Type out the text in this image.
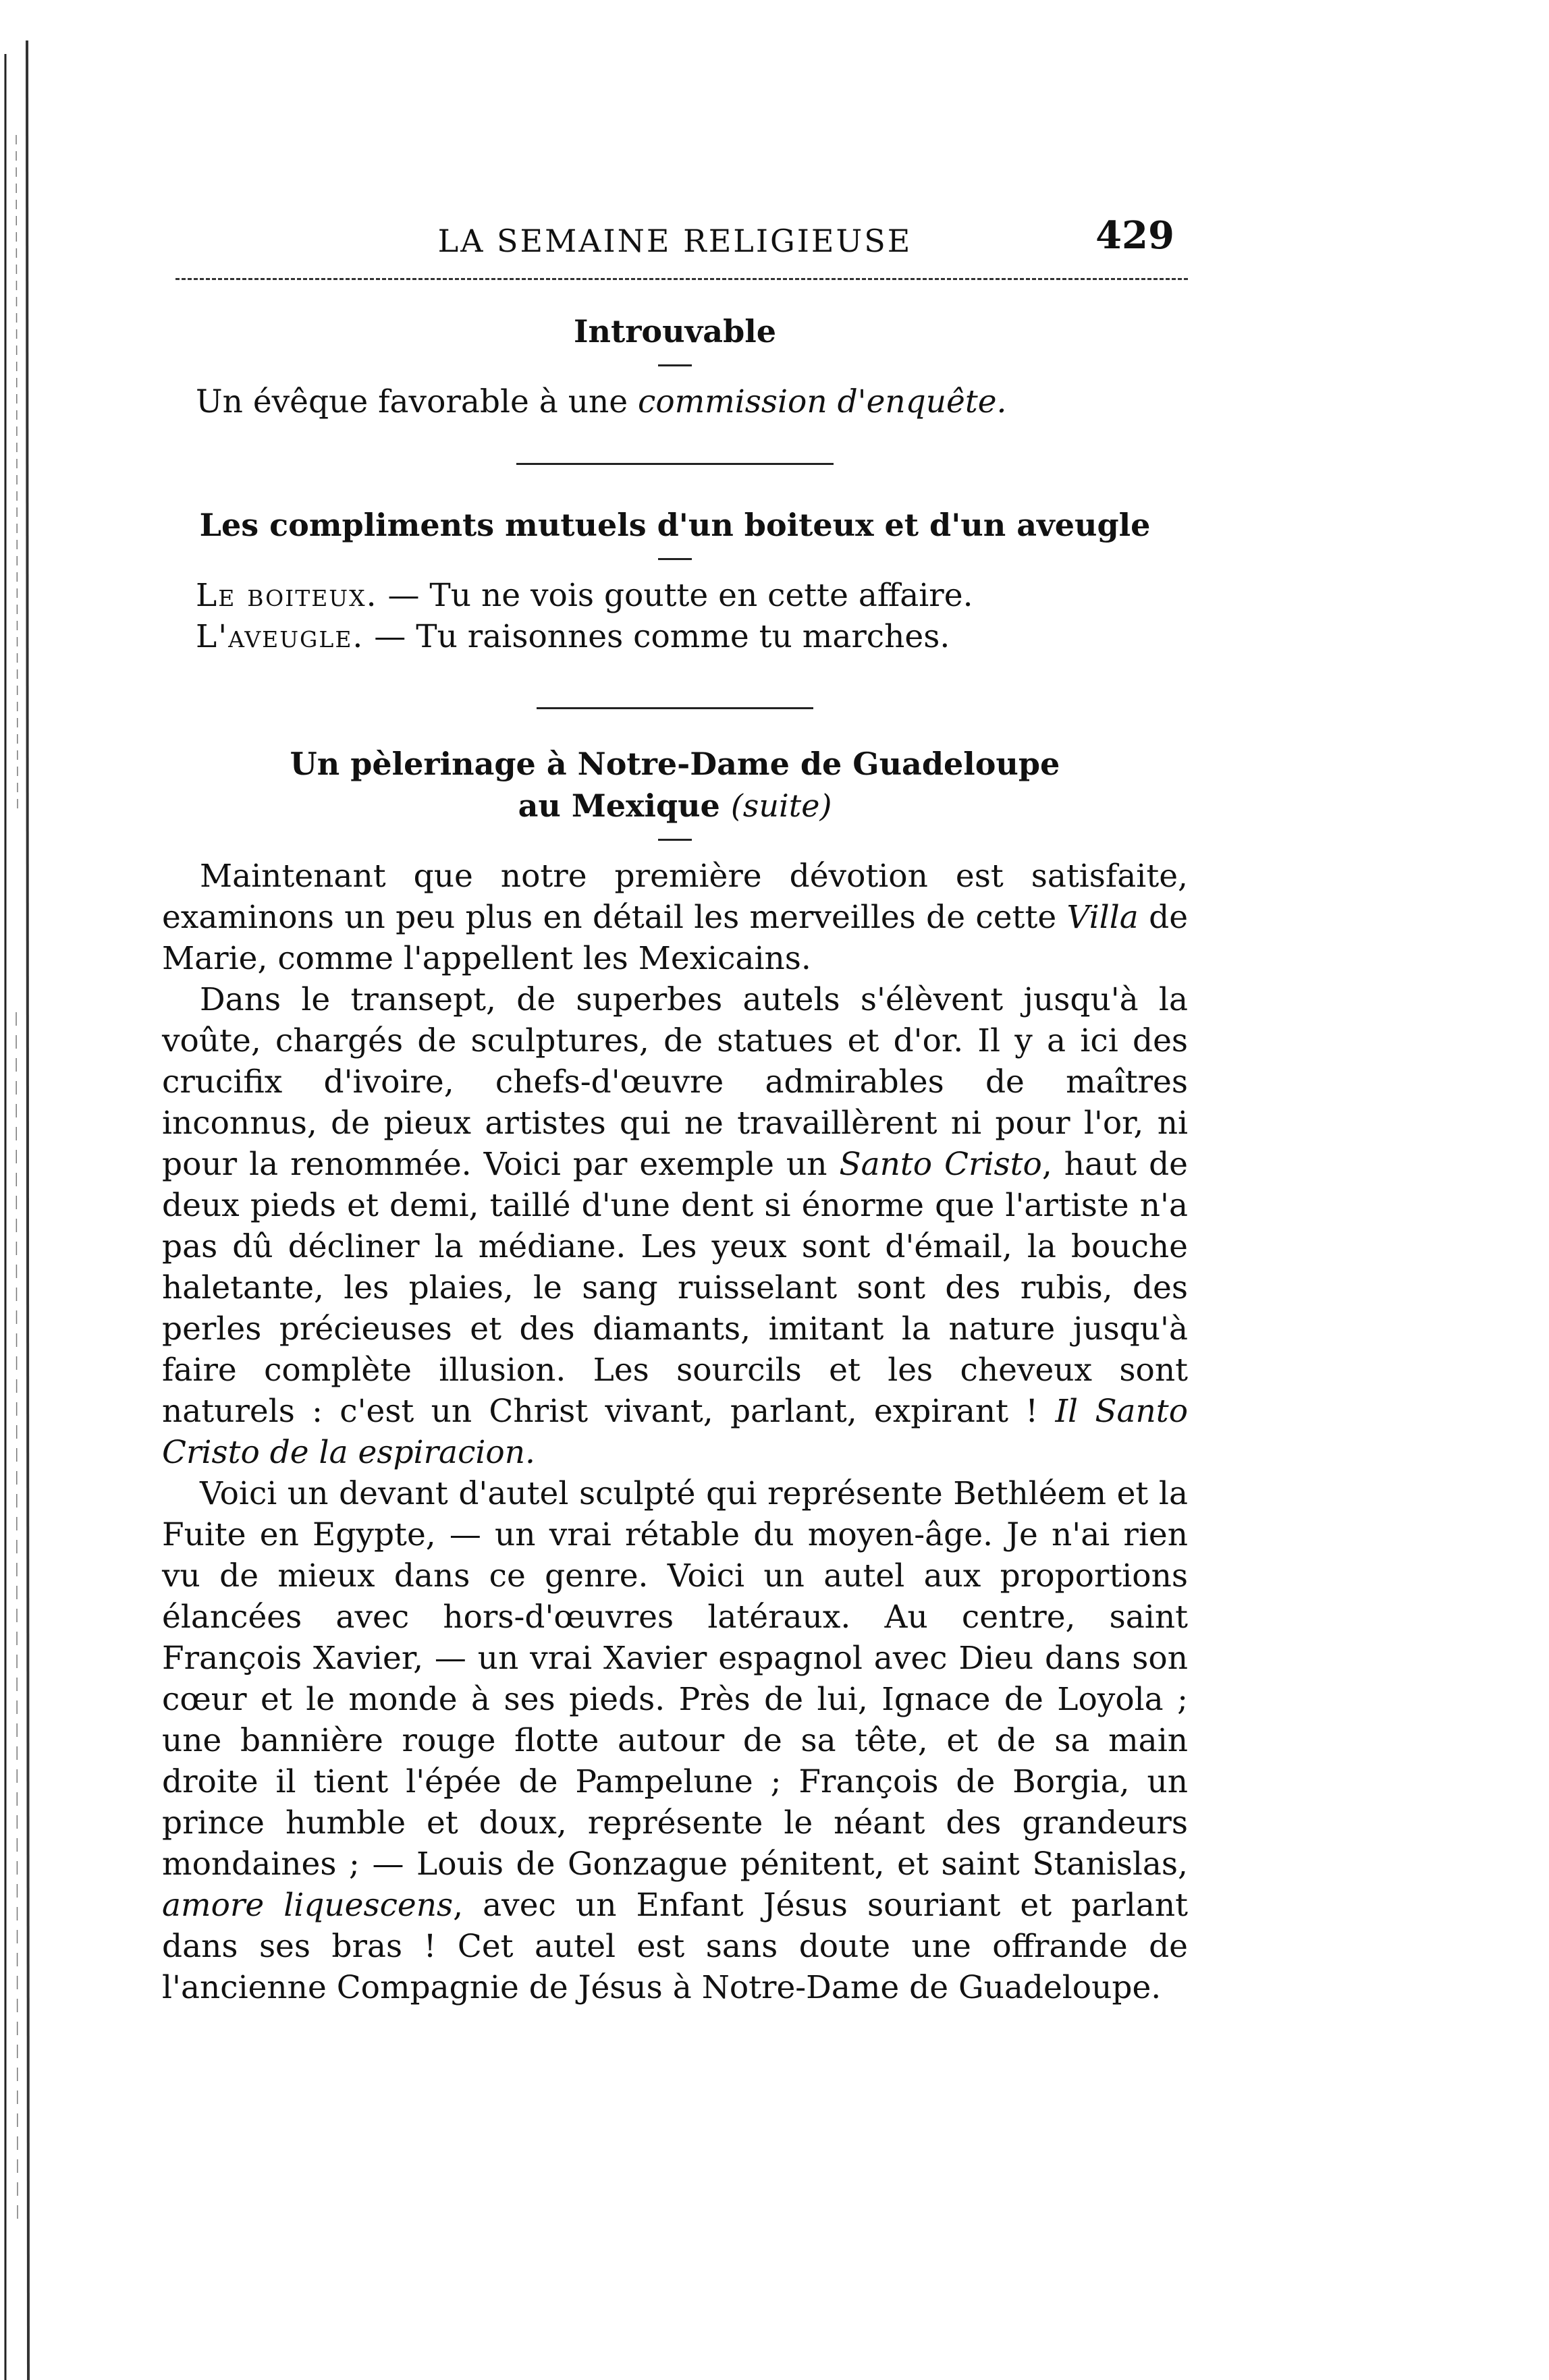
LA SEMAINE RELIGIEUSE	429
Introuvable

Un évêque favorable à une commission d'enquête.

Les compliments mutuels d'un boiteux et d'un aveugle

Le boiteux. — Tu ne vois goutte en cette affaire.

L'aveugle. — Tu raisonnes comme tu marches.

Un pèlerinage à Notre-Dame de Guadeloupe
au Mexique (suite)

Maintenant que notre première dévotion est satisfaite, examinons un peu plus en détail les merveilles de cette Villa de Marie, comme l'appellent les Mexicains.

Dans le transept, de superbes autels s'élèvent jusqu'à la voûte, chargés de sculptures, de statues et d'or. Il y a ici des crucifix d'ivoire, chefs-d'œuvre admirables de maîtres inconnus, de pieux artistes qui ne travaillèrent ni pour l'or, ni pour la renommée. Voici par exemple un Santo Cristo, haut de deux pieds et demi, taillé d'une dent si énorme que l'artiste n'a pas dû décliner la médiane. Les yeux sont d'émail, la bouche haletante, les plaies, le sang ruisselant sont des rubis, des perles précieuses et des diamants, imitant la nature jusqu'à faire complète illusion. Les sourcils et les cheveux sont naturels : c'est un Christ vivant, parlant, expirant ! Il Santo Cristo de la espiracion.

Voici un devant d'autel sculpté qui représente Bethléem et la Fuite en Egypte, — un vrai rétable du moyen-âge. Je n'ai rien vu de mieux dans ce genre. Voici un autel aux proportions élancées avec hors-d'œuvres latéraux. Au centre, saint François Xavier, — un vrai Xavier espagnol avec Dieu dans son cœur et le monde à ses pieds. Près de lui, Ignace de Loyola ; une bannière rouge flotte autour de sa tête, et de sa main droite il tient l'épée de Pampelune ; François de Borgia, un prince humble et doux, représente le néant des grandeurs mondaines ; — Louis de Gonzague pénitent, et saint Stanislas, amore liquescens, avec un Enfant Jésus souriant et parlant dans ses bras ! Cet autel est sans doute une offrande de l'ancienne Compagnie de Jésus à Notre-Dame de Guadeloupe.
